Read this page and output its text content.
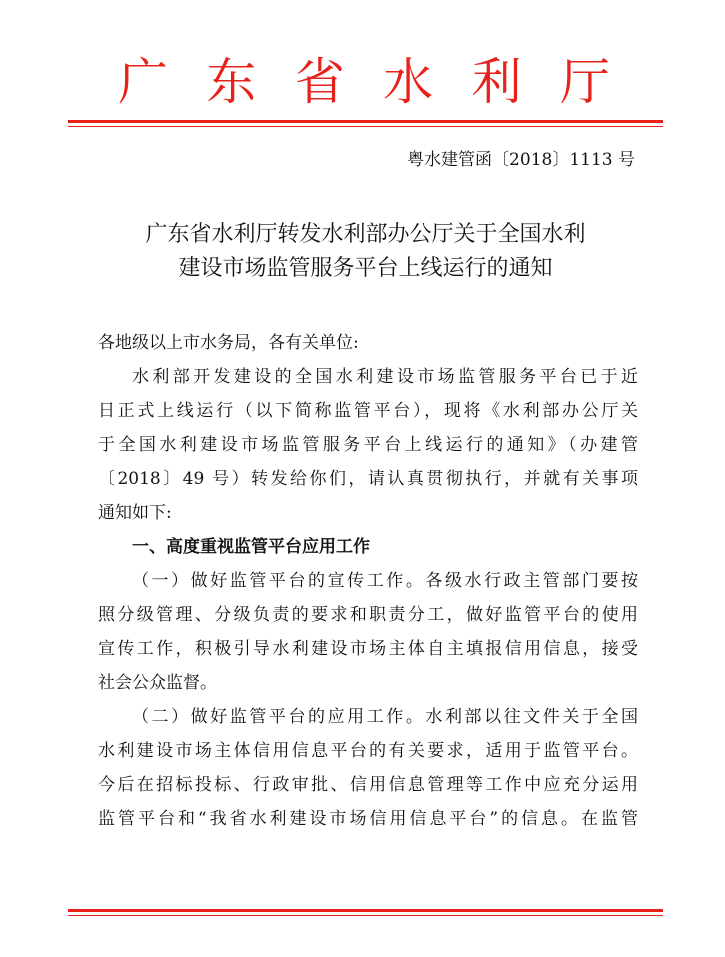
广 东 省 水 利 厅
粤水建管函〔2018〕1113 号
广东省水利厅转发水利部办公厅关于全国水利
建设市场监管服务平台上线运行的通知

各地级以上市水务局，各有关单位:

水利部开发建设的全国水利建设市场监管服务平台已于近

日正式上线运行（以下简称监管平台），现将《水利部办公厅关

于全国水利建设市场监管服务平台上线运行的通知》（办建管

〔2018〕49 号）转发给你们，请认真贯彻执行，并就有关事项

通知如下:

一、高度重视监管平台应用工作

（一）做好监管平台的宣传工作。各级水行政主管部门要按

照分级管理、分级负责的要求和职责分工，做好监管平台的使用

宣传工作，积极引导水利建设市场主体自主填报信用信息，接受

社会公众监督。

（二）做好监管平台的应用工作。水利部以往文件关于全国

水利建设市场主体信用信息平台的有关要求，适用于监管平台。

今后在招标投标、行政审批、信用信息管理等工作中应充分运用

监管平台和“我省水利建设市场信用信息平台”的信息。在监管
